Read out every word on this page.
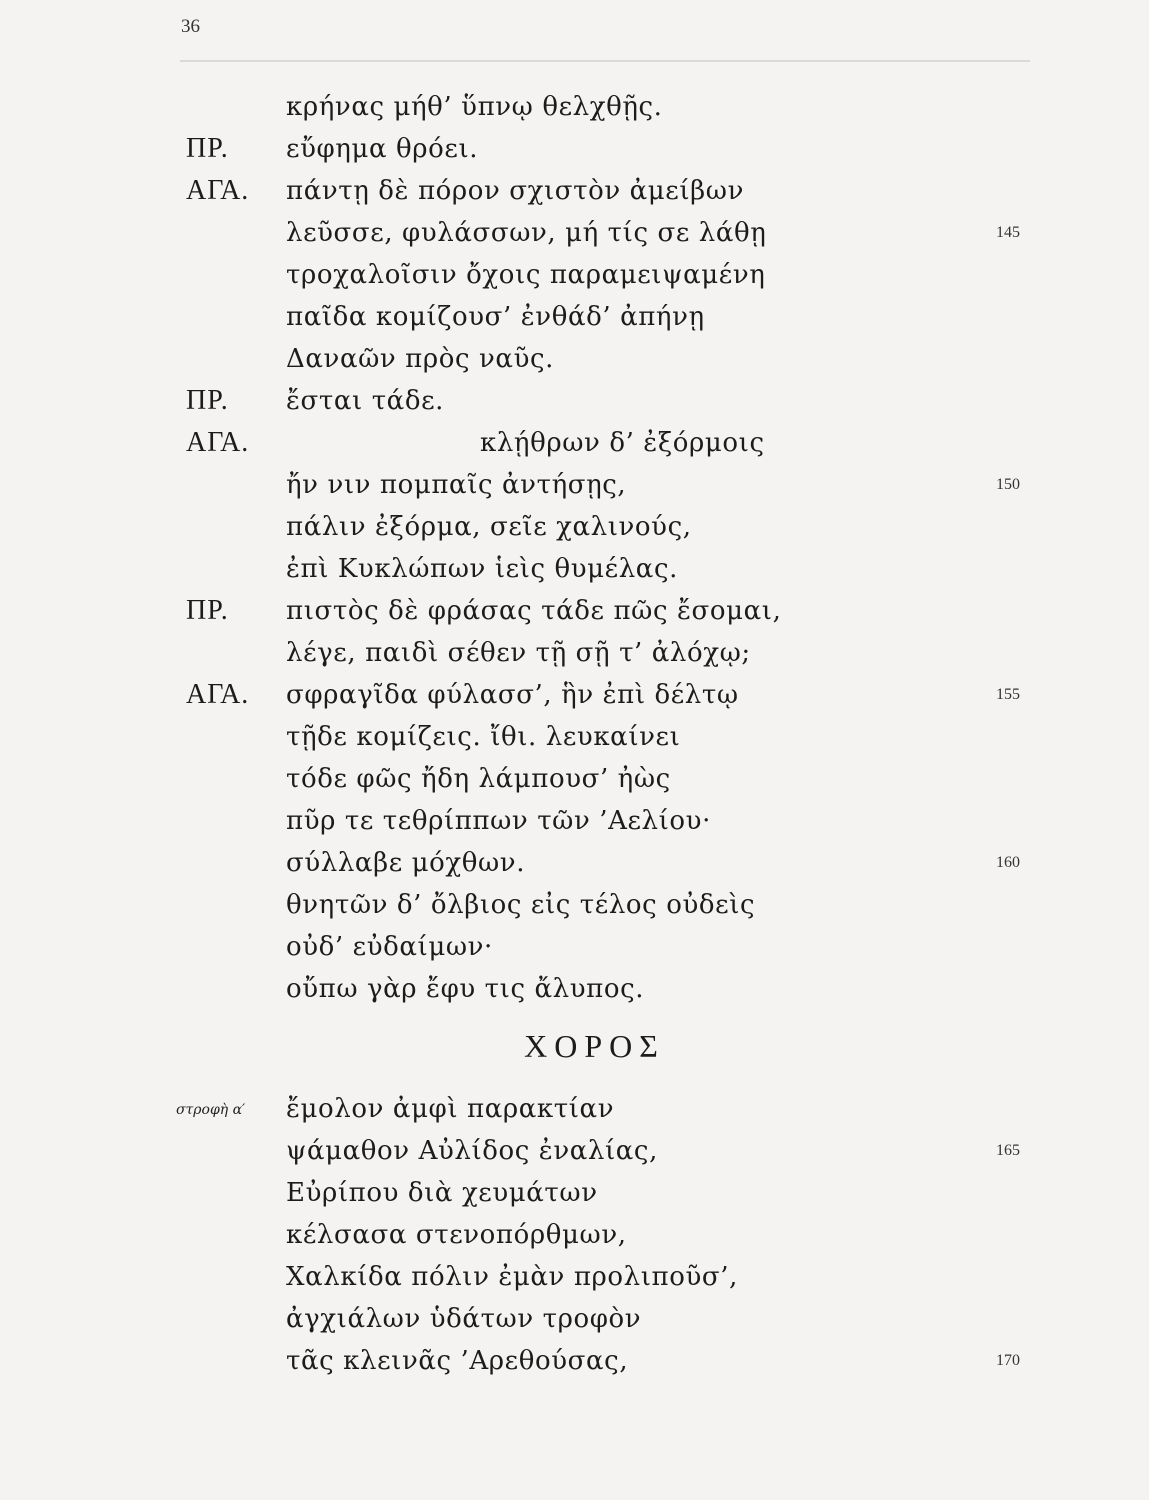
36
κρήνας μήθ’ ὕπνῳ θελχθῇς.
ΠΡ. εὔφημα θρόει.
ΑΓΑ. πάντῃ δὲ πόρον σχιστὸν ἀμείβων
λεῦσσε, φυλάσσων, μή τίς σε λάθῃ	145
τροχαλοῖσιν ὄχοις παραμειψαμένη
παῖδα κομίζουσ’ ἐνθάδ’ ἀπήνῃ
Δαναῶν πρὸς ναῦς.
ΠΡ. ἔσται τάδε.
ΑΓΑ.	κλῄθρων δ’ ἐξόρμοις
ἤν νιν πομπαῖς ἀντήσῃς,	150
πάλιν ἐξόρμα, σεῖε χαλινούς,
ἐπὶ Κυκλώπων ἱεὶς θυμέλας.
ΠΡ. πιστὸς δὲ φράσας τάδε πῶς ἔσομαι,
λέγε, παιδὶ σέθεν τῇ σῇ τ’ ἀλόχῳ;
ΑΓΑ. σφραγῖδα φύλασσ’, ἣν ἐπὶ δέλτῳ	155
τῇδε κομίζεις. ἴθι. λευκαίνει
τόδε φῶς ἤδη λάμπουσ’ ἠὼς
πῦρ τε τεθρίππων τῶν ’Αελίου·
σύλλαβε μόχθων.	160
θνητῶν δ’ ὄλβιος εἰς τέλος οὐδεὶς
οὐδ’ εὐδαίμων·
οὔπω γὰρ ἔφυ τις ἄλυπος.
ΧΟΡΟΣ
στροφὴ α′ ἔμολον ἀμφὶ παρακτίαν
ψάμαθον Αὐλίδος ἐναλίας,	165
Εὐρίπου διὰ χευμάτων
κέλσασα στενοπόρθμων,
Χαλκίδα πόλιν ἐμὰν προλιποῦσ’,
ἀγχιάλων ὑδάτων τροφὸν
τᾶς κλεινᾶς ’Αρεθούσας,	170
